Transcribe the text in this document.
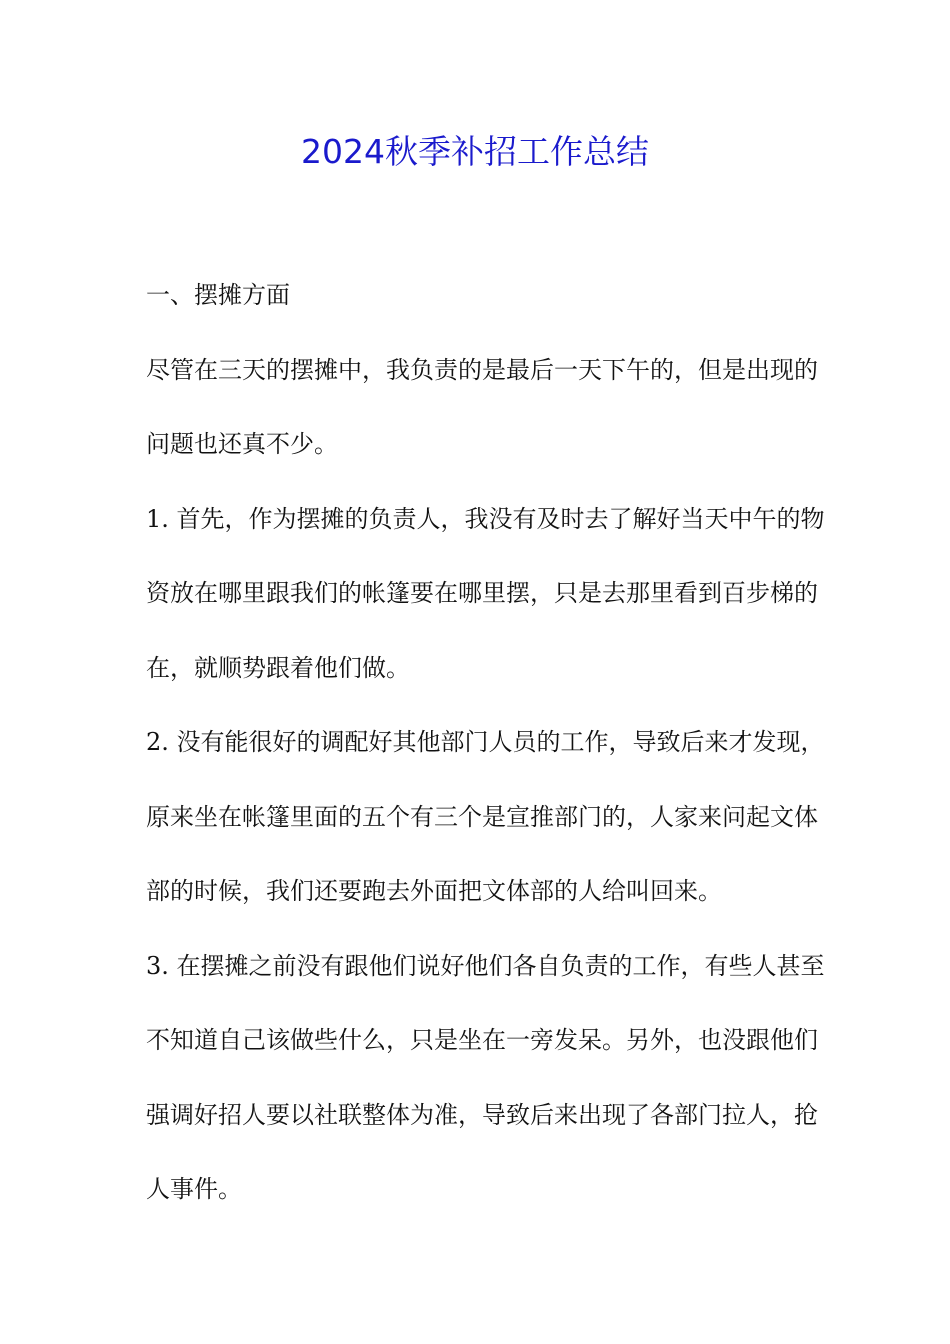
2024秋季补招工作总结

一、摆摊方面

尽管在三天的摆摊中，我负责的是最后一天下午的，但是出现的问题也还真不少。

1. 首先，作为摆摊的负责人，我没有及时去了解好当天中午的物资放在哪里跟我们的帐篷要在哪里摆，只是去那里看到百步梯的在，就顺势跟着他们做。

2. 没有能很好的调配好其他部门人员的工作，导致后来才发现，原来坐在帐篷里面的五个有三个是宣推部门的，人家来问起文体部的时候，我们还要跑去外面把文体部的人给叫回来。

3. 在摆摊之前没有跟他们说好他们各自负责的工作，有些人甚至不知道自己该做些什么，只是坐在一旁发呆。另外，也没跟他们强调好招人要以社联整体为准，导致后来出现了各部门拉人，抢人事件。
